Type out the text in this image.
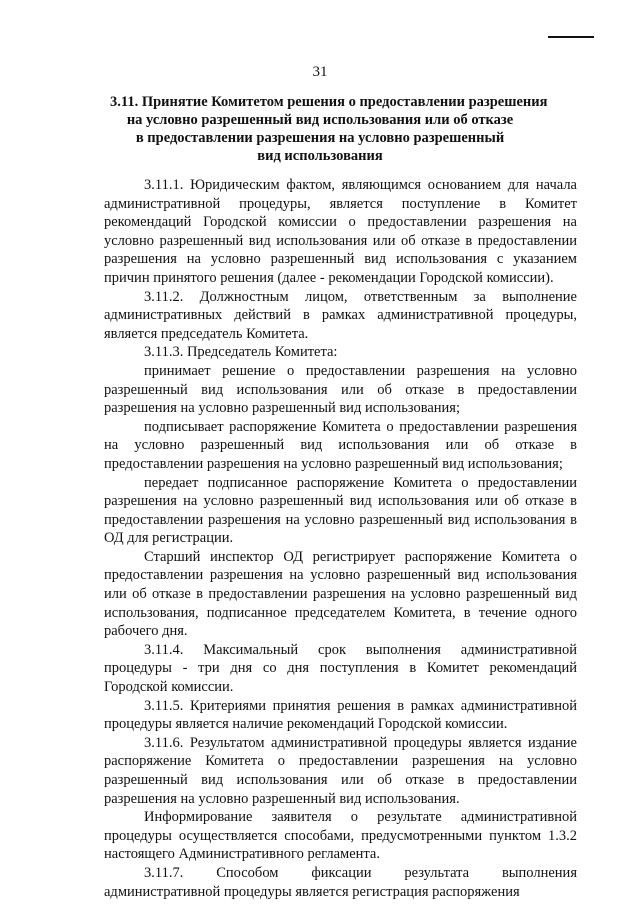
31
3.11. Принятие Комитетом решения о предоставлении разрешения
на условно разрешенный вид использования или об отказе
в предоставлении разрешения на условно разрешенный
вид использования

3.11.1. Юридическим фактом, являющимся основанием для начала административной процедуры, является поступление в Комитет рекомендаций Городской комиссии о предоставлении разрешения на условно разрешенный вид использования или об отказе в предоставлении разрешения на условно разрешенный вид использования с указанием причин принятого решения (далее - рекомендации Городской комиссии).

3.11.2. Должностным лицом, ответственным за выполнение административных действий в рамках административной процедуры, является председатель Комитета.

3.11.3. Председатель Комитета:

принимает решение о предоставлении разрешения на условно разрешенный вид использования или об отказе в предоставлении разрешения на условно разрешенный вид использования;

подписывает распоряжение Комитета о предоставлении разрешения на условно разрешенный вид использования или об отказе в предоставлении разрешения на условно разрешенный вид использования;

передает подписанное распоряжение Комитета о предоставлении разрешения на условно разрешенный вид использования или об отказе в предоставлении разрешения на условно разрешенный вид использования в ОД для регистрации.

Старший инспектор ОД регистрирует распоряжение Комитета о предоставлении разрешения на условно разрешенный вид использования или об отказе в предоставлении разрешения на условно разрешенный вид использования, подписанное председателем Комитета, в течение одного рабочего дня.

3.11.4. Максимальный срок выполнения административной процедуры - три дня со дня поступления в Комитет рекомендаций Городской комиссии.

3.11.5. Критериями принятия решения в рамках административной процедуры является наличие рекомендаций Городской комиссии.

3.11.6. Результатом административной процедуры является издание распоряжение Комитета о предоставлении разрешения на условно разрешенный вид использования или об отказе в предоставлении разрешения на условно разрешенный вид использования.

Информирование заявителя о результате административной процедуры осуществляется способами, предусмотренными пунктом 1.3.2 настоящего Административного регламента.

3.11.7. Способом фиксации результата выполнения административной процедуры является регистрация распоряжения
